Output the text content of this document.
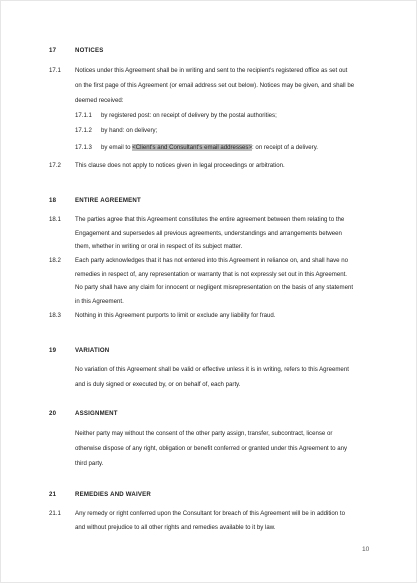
17	NOTICES
17.1 Notices under this Agreement shall be in writing and sent to the recipient's registered office as set out
on the first page of this Agreement (or email address set out below). Notices may be given, and shall be
deemed received:
17.1.1 by registered post: on receipt of delivery by the postal authorities;
17.1.2 by hand: on delivery;
17.1.3 by email to <Client's and Consultant's email addresses>: on receipt of a delivery.
17.2 This clause does not apply to notices given in legal proceedings or arbitration.
18	ENTIRE AGREEMENT
18.1 The parties agree that this Agreement constitutes the entire agreement between them relating to the
Engagement and supersedes all previous agreements, understandings and arrangements between
them, whether in writing or oral in respect of its subject matter.
18.2 Each party acknowledges that it has not entered into this Agreement in reliance on, and shall have no
remedies in respect of, any representation or warranty that is not expressly set out in this Agreement.
No party shall have any claim for innocent or negligent misrepresentation on the basis of any statement
in this Agreement.
18.3 Nothing in this Agreement purports to limit or exclude any liability for fraud.
19	VARIATION
No variation of this Agreement shall be valid or effective unless it is in writing, refers to this Agreement
and is duly signed or executed by, or on behalf of, each party.
20	ASSIGNMENT
Neither party may without the consent of the other party assign, transfer, subcontract, license or
otherwise dispose of any right, obligation or benefit conferred or granted under this Agreement to any
third party.
21	REMEDIES AND WAIVER
21.1 Any remedy or right conferred upon the Consultant for breach of this Agreement will be in addition to
and without prejudice to all other rights and remedies available to it by law.
10
